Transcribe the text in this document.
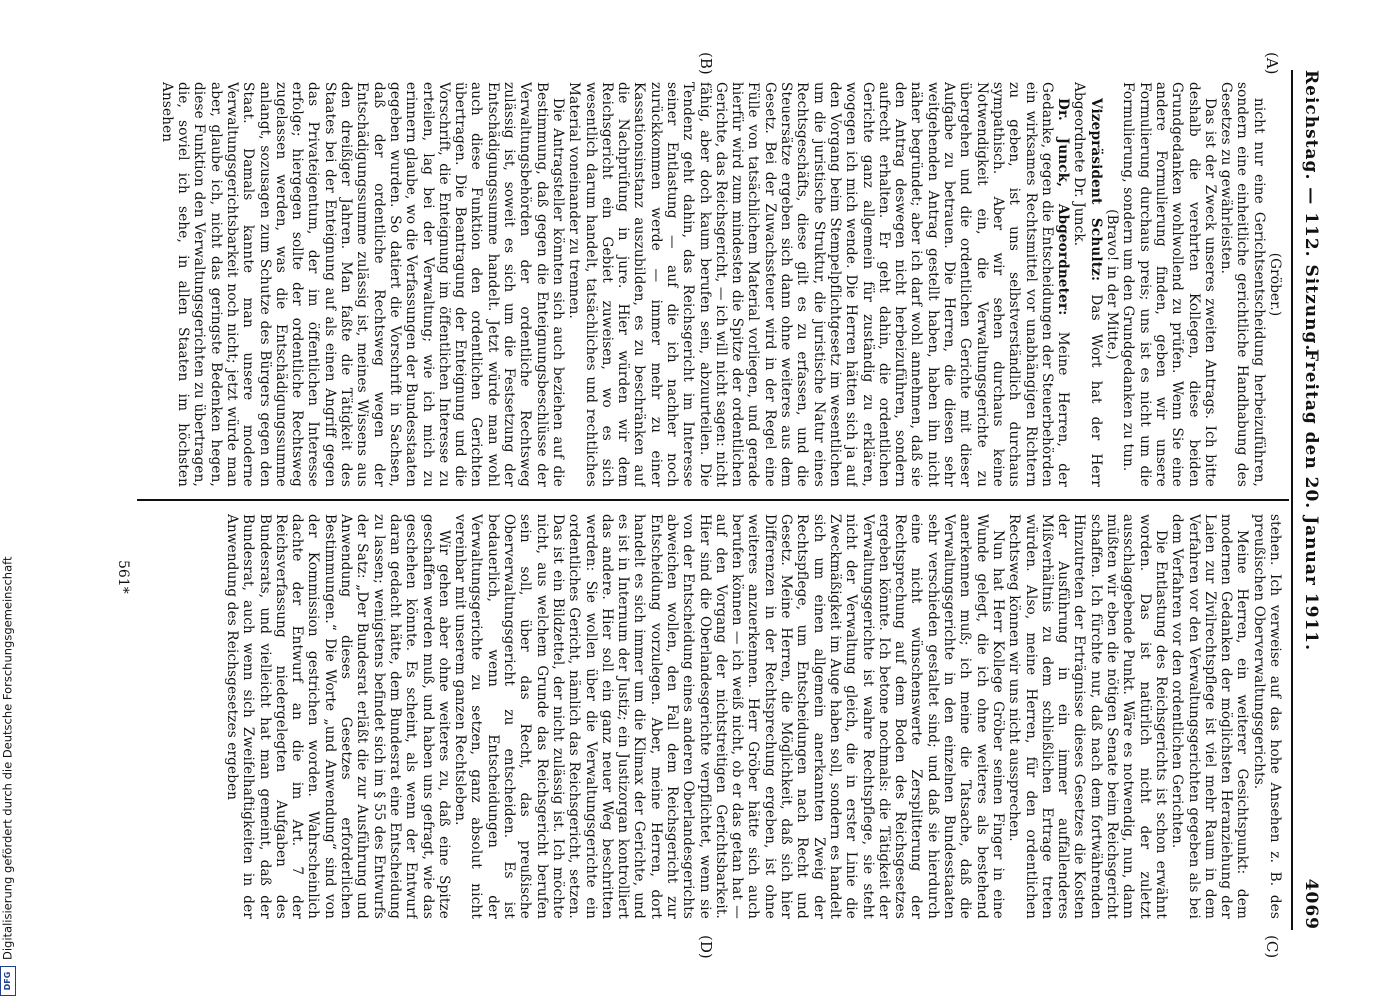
Reichstag. — 112. Sitzung.
Freitag den 20. Januar 1911.
4069
(A)
(B)
(C)
(D)

(Gröber.)

nicht nur eine Gerichtsentscheidung herbeizuführen, sondern eine einheitliche gerichtliche Handhabung des Gesetzes zu gewährleisten.

Das ist der Zweck unseres zweiten Antrags. Ich bitte deshalb die verehrten Kollegen, diese beiden Grundgedanken wohlwollend zu prüfen. Wenn Sie eine andere Formulierung finden, geben wir unsere Formulierung durchaus preis; uns ist es nicht um die Formulierung, sondern um den Grundgedanken zu tun.

(Bravo! in der Mitte.)

Vizepräsident Schultz: Das Wort hat der Herr Abgeordnete Dr. Junck.

Dr. Junck, Abgeordneter: Meine Herren, der Gedanke, gegen die Entscheidungen der Steuerbehörden ein wirksames Rechtsmittel vor unabhängigen Richtern zu geben, ist uns selbstverständlich durchaus sympathisch. Aber wir sehen durchaus keine Notwendigkeit ein, die Verwaltungsgerichte zu übergehen und die ordentlichen Gerichte mit dieser Aufgabe zu betrauen. Die Herren, die diesen sehr weitgehenden Antrag gestellt haben, haben ihn nicht näher begründet; aber ich darf wohl annehmen, daß sie den Antrag deswegen nicht herbeizuführen, sondern aufrecht erhalten. Er geht dahin, die ordentlichen Gerichte ganz allgemein für zuständig zu erklären, wogegen ich mich wende. Die Herren hätten sich ja auf den Vorgang beim Stempelpflichtgesetz im wesentlichen um die juristische Struktur, die juristische Natur eines Rechtsgeschäfts, diese gilt es zu erfassen, und die Steuersätze ergeben sich dann ohne weiteres aus dem Gesetz. Bei der Zuwachssteuer wird in der Regel eine Fülle von tatsächlichem Material vorliegen, und gerade hierfür wird zum mindesten die Spitze der ordentlichen Gerichte, das Reichsgericht, — ich will nicht sagen: nicht fähig, aber doch kaum berufen sein, abzuurteilen. Die Tendenz geht dahin, das Reichsgericht im Interesse seiner Entlastung — auf die ich nachher noch zurückkommen werde — immer mehr zu einer Kassationsinstanz auszubilden, es zu beschränken auf die Nachprüfung in jure. Hier würden wir dem Reichsgericht ein Gebiet zuweisen, wo es sich wesentlich darum handelt, tatsächliches und rechtliches Material voneinander zu trennen.

Die Antragsteller könnten sich auch beziehen auf die Bestimmung, daß gegen die Enteignungsbeschlüsse der Verwaltungsbehörden der ordentliche Rechtsweg zulässig ist, soweit es sich um die Festsetzung der Entschädigungssumme handelt. Jetzt würde man wohl auch diese Funktion den ordentlichen Gerichten übertragen. Die Beantragung der Enteignung und die Vorschrift, die Enteignung im öffentlichen Interesse zu erteilen, lag bei der Verwaltung; wie ich mich zu erinnern glaube, wo die Verfassungen der Bundesstaaten gegeben wurden. So datiert die Vorschrift in Sachsen, daß der ordentliche Rechtsweg wegen der Entschädigungssumme zulässig ist, meines Wissens aus den dreißiger Jahren. Man faßte die Tätigkeit des Staates bei der Enteignung auf als einen Angriff gegen das Privateigentum, der im öffentlichen Interesse erfolge; hiergegen sollte der ordentliche Rechtsweg zugelassen werden, was die Entschädigungssumme anlangt, sozusagen zum Schutze des Bürgers gegen den Staat. Damals kannte man unsere moderne Verwaltungsgerichtsbarkeit noch nicht; jetzt würde man aber, glaube ich, nicht das geringste Bedenken hegen, diese Funktion den Verwaltungsgerichten zu übertragen, die, soviel ich sehe, in allen Staaten im höchsten Ansehen

stehen. Ich verweise auf das hohe Ansehen z. B. des preußischen Oberverwaltungsgerichts.

Meine Herren, ein weiterer Gesichtspunkt: dem modernen Gedanken der möglichsten Heranziehung der Laien zur Zivilrechtspflege ist viel mehr Raum in dem Verfahren vor den Verwaltungsgerichten gegeben als bei dem Verfahren vor den ordentlichen Gerichten.

Die Entlastung des Reichsgerichts ist schon erwähnt worden. Das ist natürlich nicht der zuletzt ausschlaggebende Punkt. Wäre es notwendig, nun, dann müßten wir eben die nötigen Senate beim Reichsgericht schaffen. Ich fürchte nur, daß nach dem fortwährenden Hinzutreten der Erträgnisse dieses Gesetzes die Kosten der Ausführung in ein immer auffallenderes Mißverhältnis zu dem schließlichen Ertrage treten würden. Also, meine Herren, für den ordentlichen Rechtsweg können wir uns nicht aussprechen.

Nun hat Herr Kollege Gröber seinen Finger in eine Wunde gelegt, die ich ohne weiteres als bestehend anerkennen muß; ich meine die Tatsache, daß die Verwaltungsgerichte in den einzelnen Bundesstaaten sehr verschieden gestaltet sind; und daß sie hierdurch eine nicht wünschenswerte Zersplitterung der Rechtsprechung auf dem Boden des Reichsgesetzes ergeben könnte. Ich betone nochmals: die Tätigkeit der Verwaltungsgerichte ist wahre Rechtspflege, sie steht nicht der Verwaltung gleich, die in erster Linie die Zweckmäßigkeit im Auge haben soll, sondern es handelt sich um einen allgemein anerkannten Zweig der Rechtspflege, um Entscheidungen nach Recht und Gesetz. Meine Herren, die Möglichkeit, daß sich hier Differenzen in der Rechtsprechung ergeben, ist ohne weiteres anzuerkennen. Herr Gröber hätte sich auch berufen können — ich weiß nicht, ob er das getan hat — auf den Vorgang der nichtstreitigen Gerichtsbarkeit. Hier sind die Oberlandesgerichte verpflichtet, wenn sie von der Entscheidung eines anderen Oberlandesgerichts abweichen wollen, den Fall dem Reichsgericht zur Entscheidung vorzulegen. Aber, meine Herren, dort handelt es sich immer um die Klimax der Gerichte, und es ist in Internum der Justiz; ein Justizorgan kontrolliert das andere. Hier soll ein ganz neuer Weg beschritten werden: Sie wollen über die Verwaltungsgerichte ein ordentliches Gericht, nämlich das Reichsgericht, setzen. Das ist ein Bildzettel, der nicht zulässig ist. Ich möchte nicht, aus welchem Grunde das Reichsgericht berufen sein soll, über das Recht, das preußische Oberverwaltungsgericht zu entscheiden. Es ist bedauerlich, wenn Entscheidungen der Verwaltungsgerichte zu setzen, ganz absolut nicht vereinbar mit unserem ganzen Rechtsleben.

Wir gehen aber ohne weiteres zu, daß eine Spitze geschaffen werden muß, und haben uns gefragt, wie das geschehen könnte. Es scheint, als wenn der Entwurf daran gedacht hätte, dem Bundesrat eine Entscheidung zu lassen; wenigstens befindet sich im § 55 des Entwurfs der Satz: „Der Bundesrat erläßt die zur Ausführung und Anwendung dieses Gesetzes erforderlichen Bestimmungen.“ Die Worte „und Anwendung“ sind von der Kommission gestrichen worden. Wahrscheinlich dachte der Entwurf an die im Art. 7 der Reichsverfassung niedergelegten Aufgaben des Bundesrats, und vielleicht hat man gemeint, daß der Bundesrat, auch wenn sich Zweifelhaftigkeiten in der Anwendung des Reichsgesetzes ergeben

561*
DFG
Digitalisierung gefördert durch die Deutsche Forschungsgemeinschaft
